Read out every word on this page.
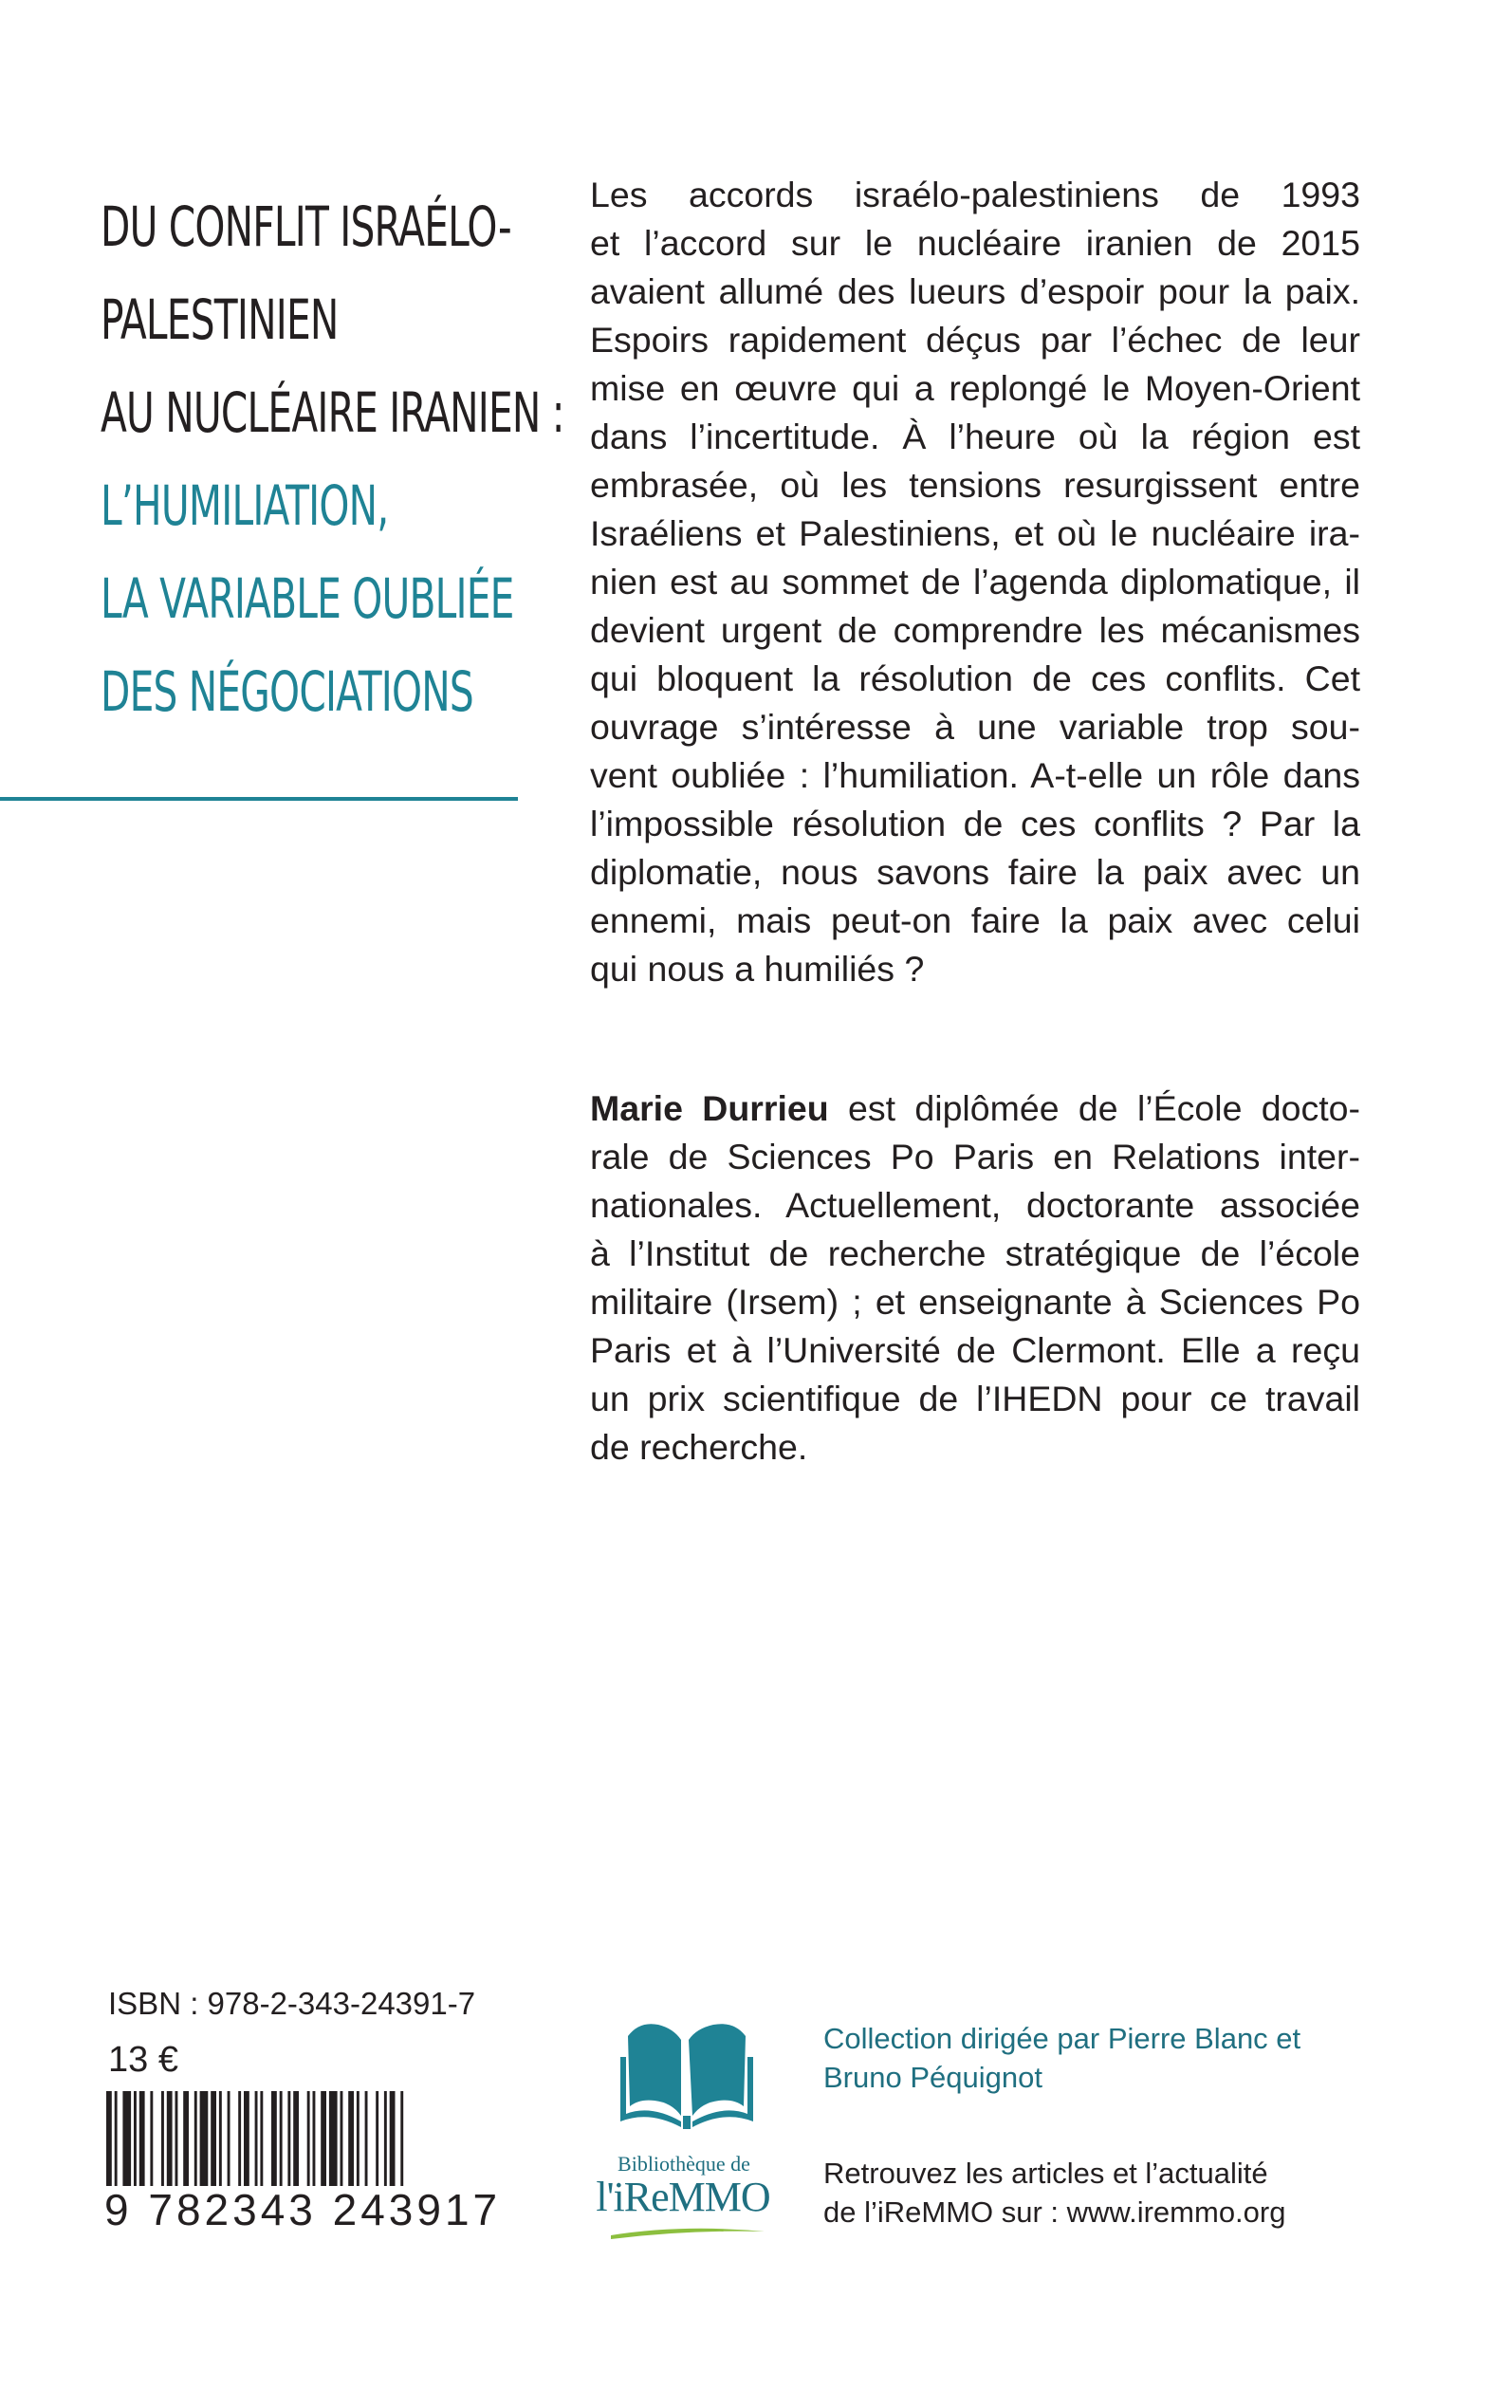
DU CONFLIT ISRAÉLO-
PALESTINIEN
AU NUCLÉAIRE IRANIEN :
L’HUMILIATION,
LA VARIABLE OUBLIÉE
DES NÉGOCIATIONS
Les accords israélo-palestiniens de 1993
et l’accord sur le nucléaire iranien de 2015
avaient allumé des lueurs d’espoir pour la paix.
Espoirs rapidement déçus par l’échec de leur
mise en œuvre qui a replongé le Moyen-Orient
dans l’incertitude. À l’heure où la région est
embrasée, où les tensions resurgissent entre
Israéliens et Palestiniens, et où le nucléaire ira-
nien est au sommet de l’agenda diplomatique, il
devient urgent de comprendre les mécanismes
qui bloquent la résolution de ces conflits. Cet
ouvrage s’intéresse à une variable trop sou-
vent oubliée : l’humiliation. A-t-elle un rôle dans
l’impossible résolution de ces conflits ? Par la
diplomatie, nous savons faire la paix avec un
ennemi, mais peut-on faire la paix avec celui
qui nous a humiliés ?
Marie Durrieu est diplômée de l’École docto-
rale de Sciences Po Paris en Relations inter-
nationales. Actuellement, doctorante associée
à l’Institut de recherche stratégique de l’école
militaire (Irsem) ; et enseignante à Sciences Po
Paris et à l’Université de Clermont. Elle a reçu
un prix scientifique de l’IHEDN pour ce travail
de recherche.
ISBN : 978-2-343-24391-7
13 €
9 782343 243917
Bibliothèque de
l'iReMMO
Collection dirigée par Pierre Blanc et
Bruno Péquignot
Retrouvez les articles et l’actualité
de l’iReMMO sur : www.iremmo.org
